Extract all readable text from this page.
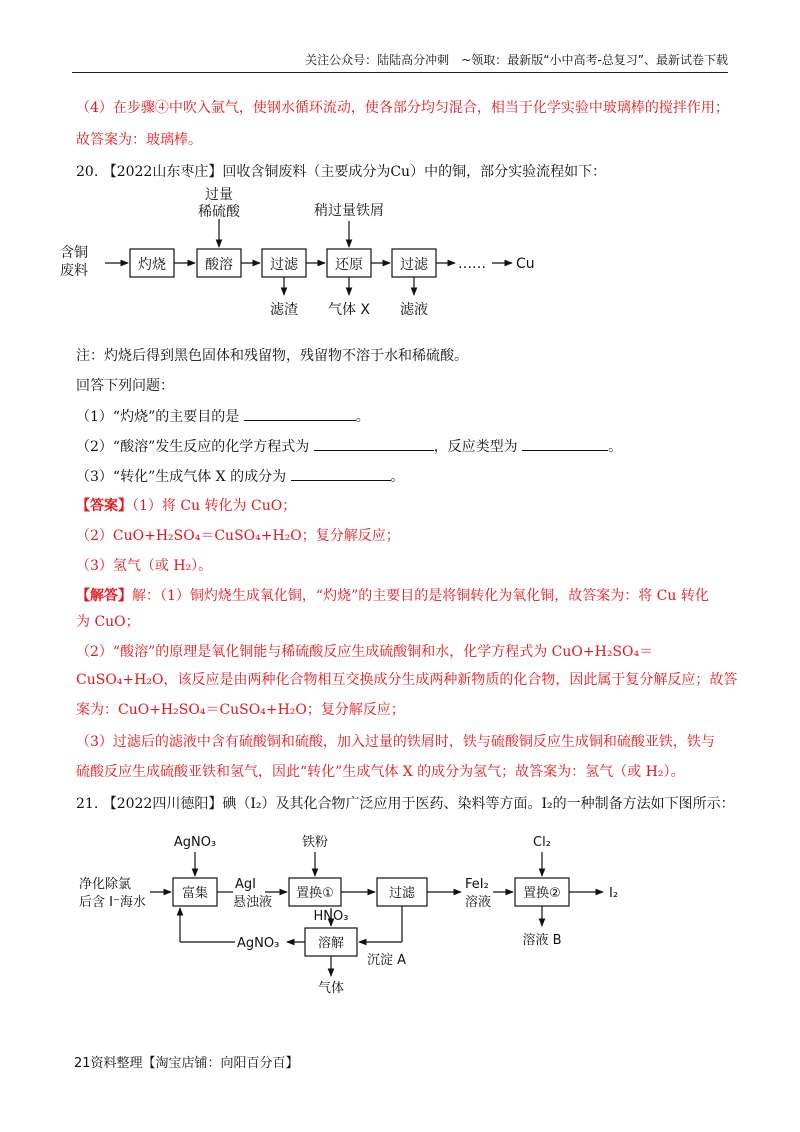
关注公众号：陆陆高分冲刺　~领取：最新版“小中高考-总复习”、最新试卷下载
（4）在步骤④中吹入氩气，使钢水循环流动，使各部分均匀混合，相当于化学实验中玻璃棒的搅拌作用；
故答案为：玻璃棒。
20. 【2022山东枣庄】回收含铜废料（主要成分为Cu）中的铜，部分实验流程如下：
含铜
废料	灼烧	酸溶	过滤	还原	过滤
过量
稀硫酸	稍过量铁屑
滤渣 气体 X 滤液
…… Cu
注：灼烧后得到黑色固体和残留物，残留物不溶于水和稀硫酸。
回答下列问题：
（1）“灼烧”的主要目的是	。
（2）“酸溶”发生反应的化学方程式为	，反应类型为	。
（3）“转化”生成气体 X 的成分为	。
【答案】（1）将 Cu 转化为 CuO；
（2）CuO+H₂SO₄＝CuSO₄+H₂O；复分解反应；
（3）氢气（或 H₂）。
【解答】解：（1）铜灼烧生成氧化铜，“灼烧”的主要目的是将铜转化为氧化铜，故答案为：将 Cu 转化
为 CuO；
（2）“酸溶”的原理是氧化铜能与稀硫酸反应生成硫酸铜和水，化学方程式为 CuO+H₂SO₄＝
CuSO₄+H₂O，该反应是由两种化合物相互交换成分生成两种新物质的化合物，因此属于复分解反应；故答
案为：CuO+H₂SO₄＝CuSO₄+H₂O；复分解反应；
（3）过滤后的滤液中含有硫酸铜和硫酸，加入过量的铁屑时，铁与硫酸铜反应生成铜和硫酸亚铁，铁与
硫酸反应生成硫酸亚铁和氢气，因此“转化”生成气体 X 的成分为氢气；故答案为：氢气（或 H₂）。
21. 【2022四川德阳】碘（I₂）及其化合物广泛应用于医药、染料等方面。I₂的一种制备方法如下图所示：
净化除氯
后含 I⁻海水
AgNO₃
富集
AgI
悬浊液
铁粉
置换①	过滤
FeI₂
溶液
Cl₂
置换②	I₂
溶液 B
HNO₃
溶解
AgNO₃
沉淀 A
气体
21资料整理【淘宝店铺：向阳百分百】
